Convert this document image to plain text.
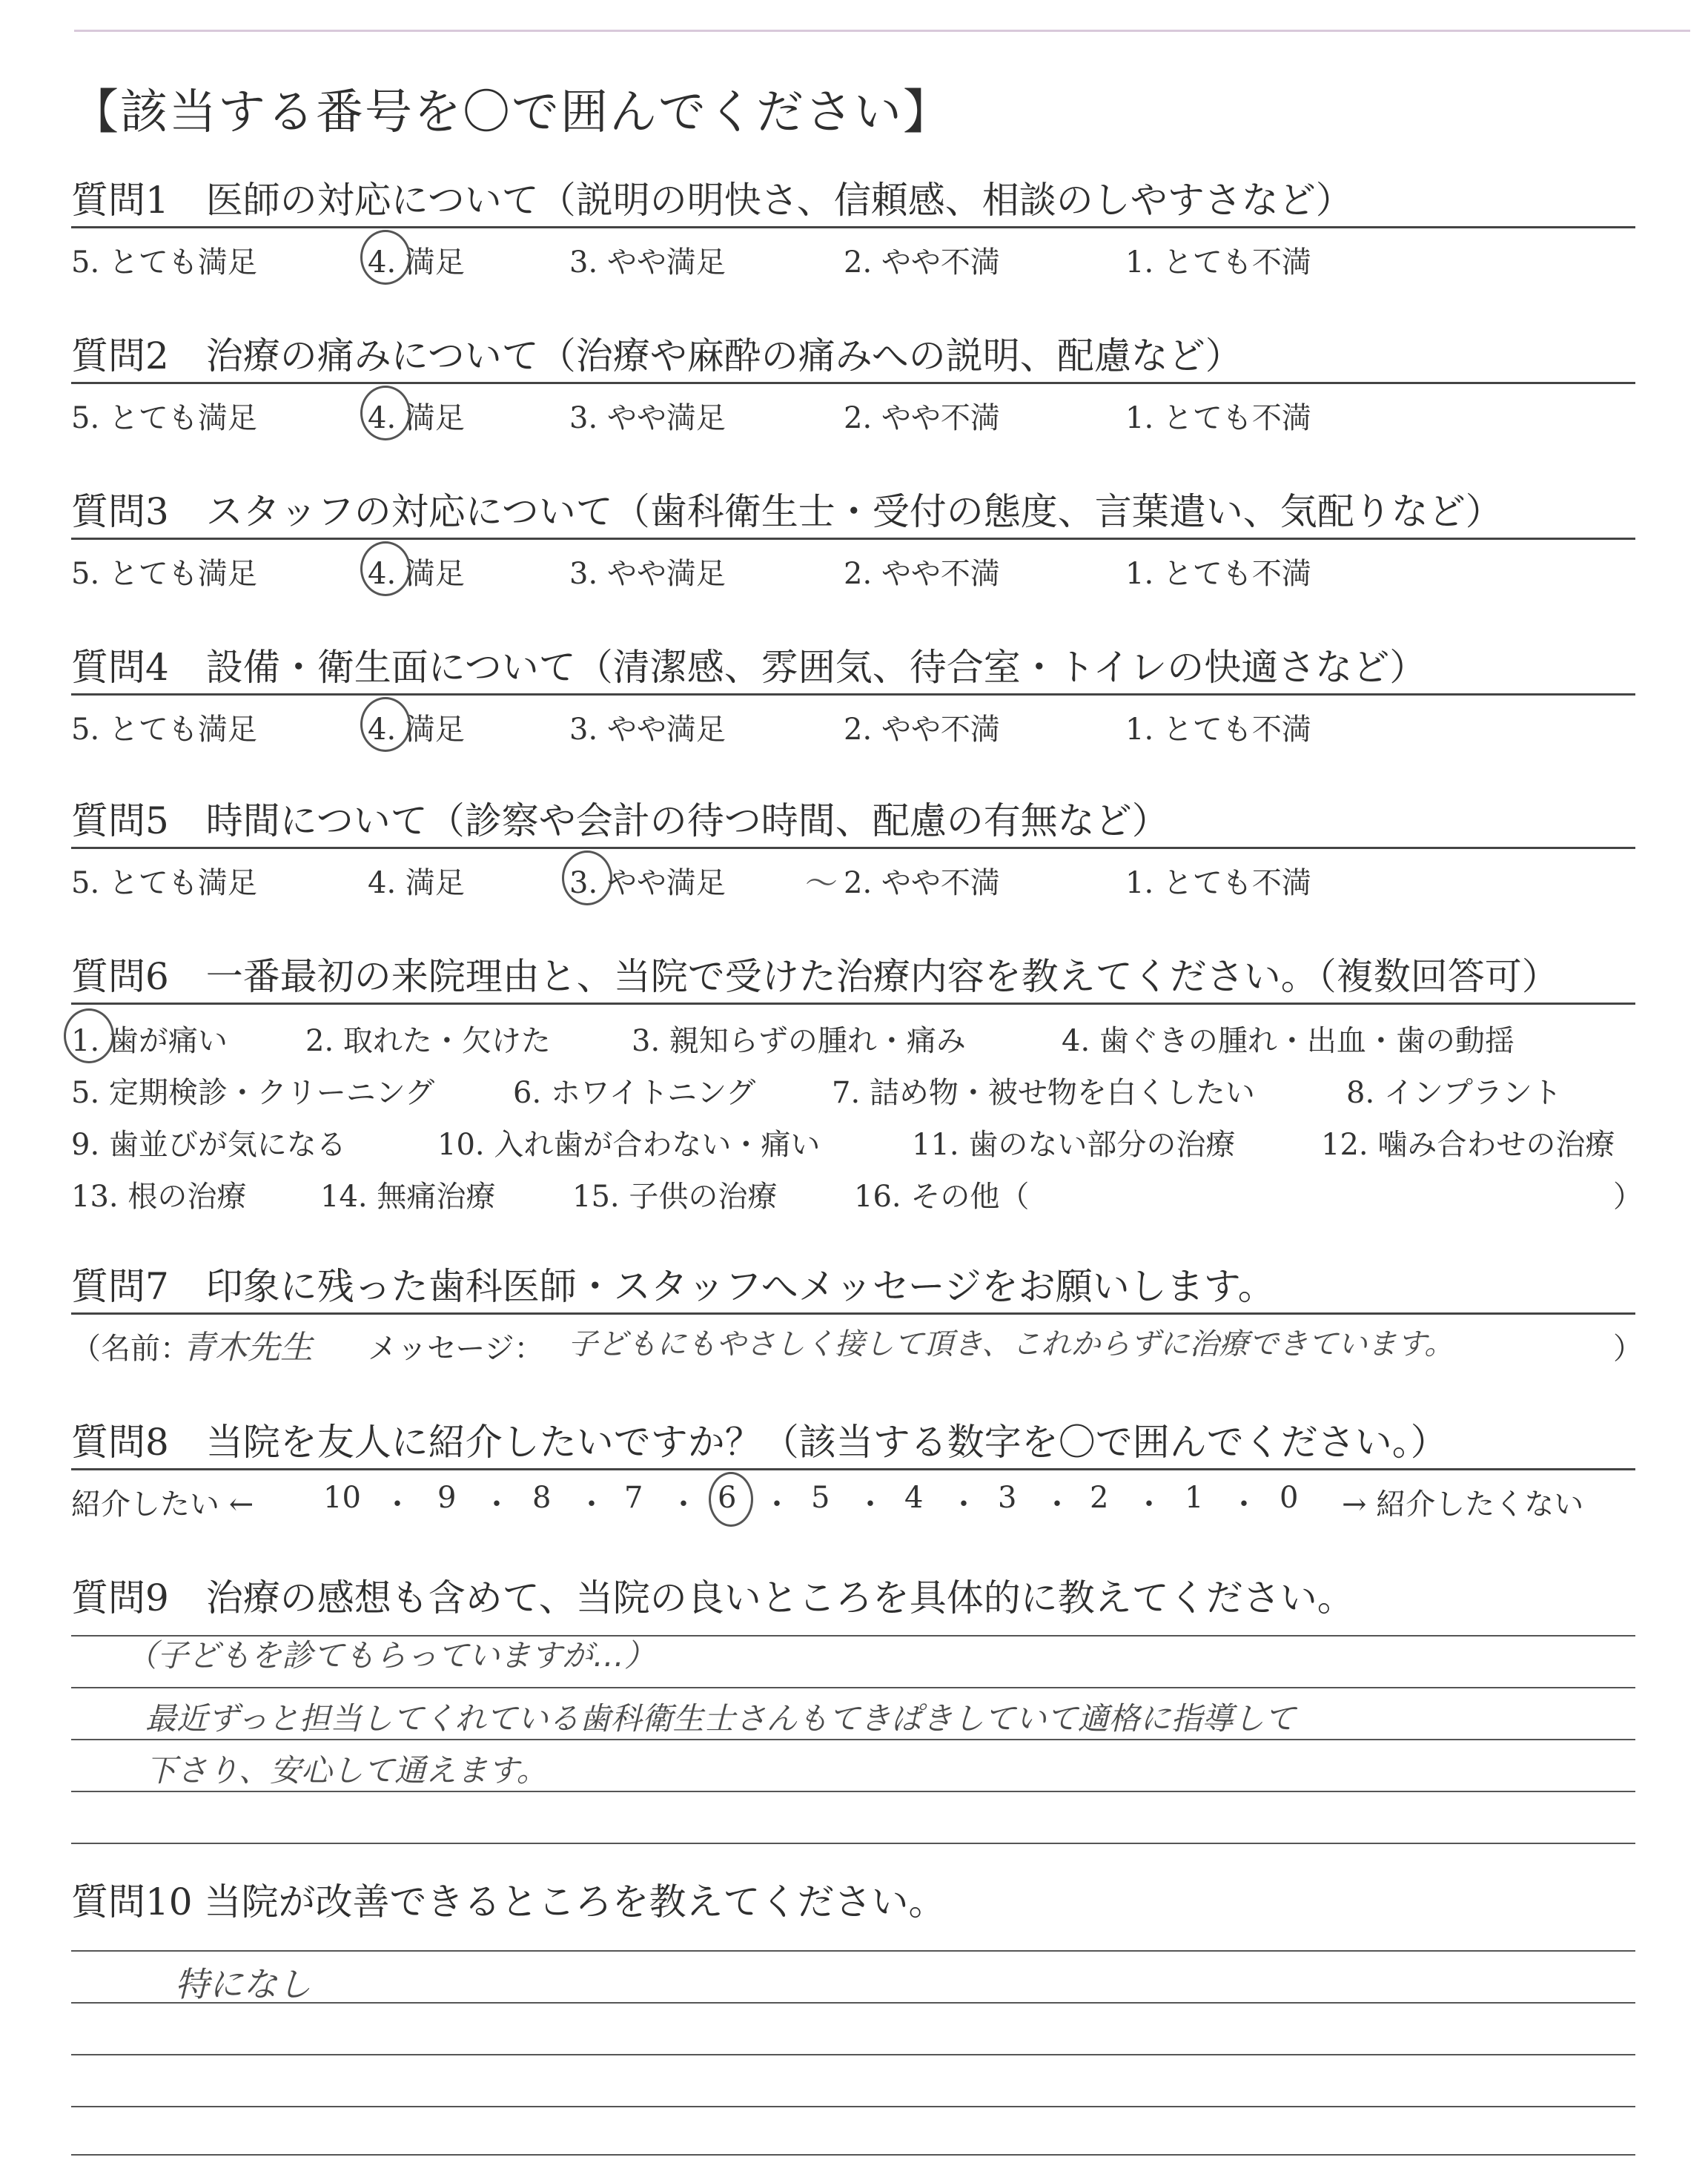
【該当する番号を〇で囲んでください】
質問1　医師の対応について（説明の明快さ、信頼感、相談のしやすさなど）
5. とても満足	4. 満足	3. やや満足	2. やや不満	1. とても不満
質問2　治療の痛みについて（治療や麻酔の痛みへの説明、配慮など）
5. とても満足	4. 満足	3. やや満足	2. やや不満	1. とても不満
質問3　スタッフの対応について（歯科衛生士・受付の態度、言葉遣い、気配りなど）
5. とても満足	4. 満足	3. やや満足	2. やや不満	1. とても不満
質問4　設備・衛生面について（清潔感、雰囲気、待合室・トイレの快適さなど）
5. とても満足	4. 満足	3. やや満足	2. やや不満	1. とても不満
質問5　時間について（診察や会計の待つ時間、配慮の有無など）
5. とても満足	4. 満足	3. やや満足 〜 2. やや不満	1. とても不満
質問6　一番最初の来院理由と、当院で受けた治療内容を教えてください。（複数回答可）
1. 歯が痛い	2. 取れた・欠けた	3. 親知らずの腫れ・痛み	4. 歯ぐきの腫れ・出血・歯の動揺
5. 定期検診・クリーニング	6. ホワイトニング	7. 詰め物・被せ物を白くしたい	8. インプラント
9. 歯並びが気になる	10. 入れ歯が合わない・痛い	11. 歯のない部分の治療	12. 噛み合わせの治療
13. 根の治療 14. 無痛治療	15. 子供の治療	16. その他（	）
質問7　印象に残った歯科医師・スタッフへメッセージをお願いします。
（名前：
青木先生 メッセージ： 子どもにもやさしく接して頂き、これからずに治療できています。	）
質問8　当院を友人に紹介したいですか？（該当する数字を〇で囲んでください。）
紹介したい ← 10 ・ 9 ・ 8 ・ 7 ・ 6 ・ 5 ・ 4 ・ 3 ・ 2 ・ 1 ・ 0 → 紹介したくない
質問9　治療の感想も含めて、当院の良いところを具体的に教えてください。
（子どもを診てもらっていますが…）
最近ずっと担当してくれている歯科衛生士さんもてきぱきしていて適格に指導して
下さり、安心して通えます。
質問10 当院が改善できるところを教えてください。
特になし
